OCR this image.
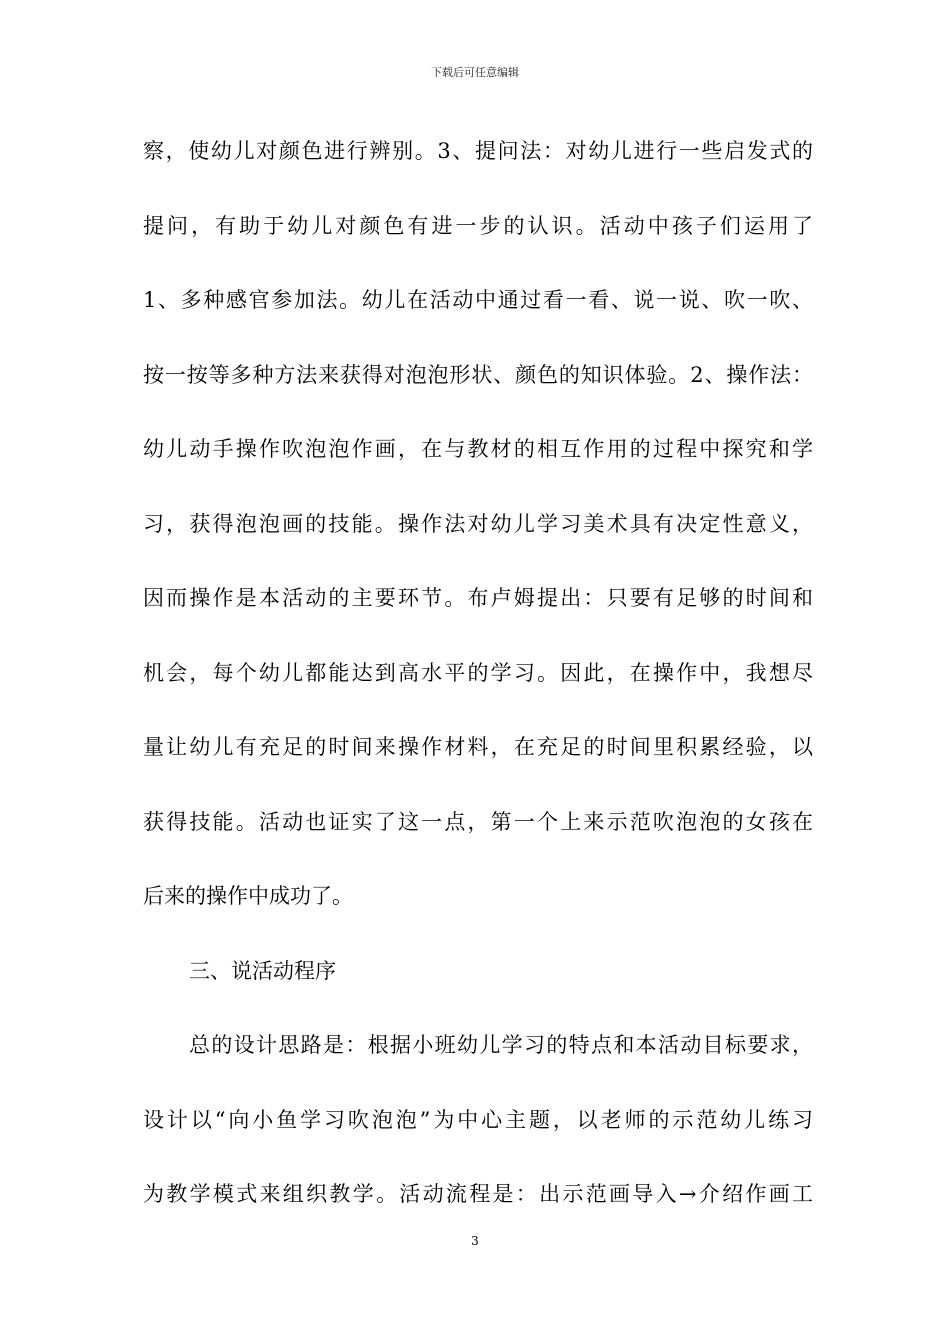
下载后可任意编辑
察，使幼儿对颜色进行辨别。3、提问法：对幼儿进行一些启发式的
提问，有助于幼儿对颜色有进一步的认识。活动中孩子们运用了
1、多种感官参加法。幼儿在活动中通过看一看、说一说、吹一吹、
按一按等多种方法来获得对泡泡形状、颜色的知识体验。2、操作法：
幼儿动手操作吹泡泡作画，在与教材的相互作用的过程中探究和学
习，获得泡泡画的技能。操作法对幼儿学习美术具有决定性意义，
因而操作是本活动的主要环节。布卢姆提出：只要有足够的时间和
机会，每个幼儿都能达到高水平的学习。因此，在操作中，我想尽
量让幼儿有充足的时间来操作材料，在充足的时间里积累经验，以
获得技能。活动也证实了这一点，第一个上来示范吹泡泡的女孩在
后来的操作中成功了。
三、说活动程序
总的设计思路是：根据小班幼儿学习的特点和本活动目标要求，
设计以“向小鱼学习吹泡泡”为中心主题，以老师的示范幼儿练习
为教学模式来组织教学。活动流程是：出示范画导入→介绍作画工
3
